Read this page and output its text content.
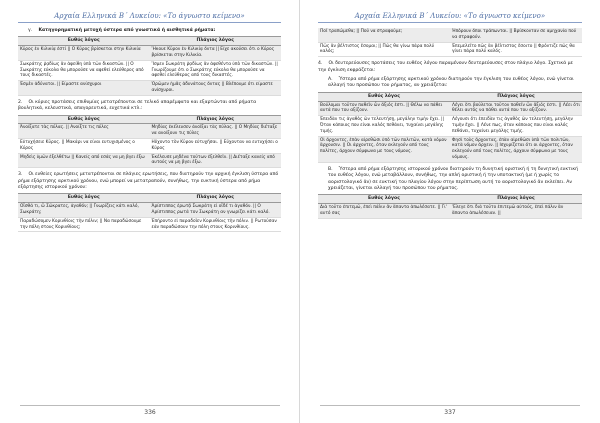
Αρχαία Ελληνικά Β΄ Λυκείου: «Το άγνωστο κείμενο»
γ. Κατηγορηματική μετοχή ύστερα από γνωστικά ή αισθητικά ρήματα:
Ευθύς λόγος	Πλάγιος λόγος
Κῦρος ἐν Κιλικίᾳ ἐστί || Ο Κύρος βρίσκεται στην Κιλικία	Ἤκουε Κῦρον ἐν Κιλικίᾳ ὄντα || Είχε ακούσει ότι ο Κύρος βρίσκεται στην Κιλικία.
Σωκράτης ῥᾳδίως ἂν ἀφείθη ὑπὸ τῶν δικαστῶν. || Ο Σωκράτης εύκολα θα μπορούσε να αφεθεί ελεύθερος από τους δικαστές.	Ἴσμεν Σωκράτη ῥᾳδίως ἂν ἀφεθέντα ὑπὸ τῶν δικαστῶν. || Γνωρίζουμε ότι ο Σωκράτης εύκολα θα μπορούσε να αφεθεί ελεύθερος από τους δικαστές.
Ἐσμὲν ἀδύνατοι. || Είμαστε ανίσχυροι	Ὁρῶμεν ἡμᾶς ἀδυνάτους ὄντας || Βλέπουμε ότι είμαστε ανίσχυροι.
2. Οι κύριες προτάσεις επιθυμίας μετατρέπονται σε τελικό απαρέμφατο και εξαρτώνται από ρήματα βουλητικά, κελευστικά, απαγορευτικά, ευχετικά κτλ.:
Ευθύς λόγος	Πλάγιος λόγος
Ἀνοίξατε τὰς πύλας. || Ανοίξτε τις πύλες	Μηδίας ἐκέλευσεν ἀνοῖξαι τὰς πύλας. || Ο Μηδίας διέταξε να ανοίξουν τις πύλες
Εὐτυχήσειε Κῦρος. || Μακάρι να είναι ευτυχισμένος ο Κύρος	Ηὔχοντο τὸν Κῦρον εὐτυχῆσαι. || Εύχονταν να ευτυχήσει ο Κύρος
Μηδεὶς ὑμῶν ἐξελθέτω || Κανείς από εσάς να μη βγει έξω	Ἐκέλευσε μηδένα τούτων ἐξελθεῖν. || Διέταξε κανείς από αυτούς να μη βγει έξω.
3. Οι ευθείες ερωτήσεις μετατρέπονται σε πλάγιες ερωτήσεις, που διατηρούν την αρχική έγκλιση ύστερα από ρήμα εξάρτησης αρκτικού χρόνου, ενώ μπορεί να μετατραπούν, συνήθως, την ευκτική ύστερα από ρήμα εξάρτησης ιστορικού χρόνου:
Ευθύς λόγος	Πλάγιος λόγος
Οἶσθά τι, ὦ Σώκρατες, ἀγαθόν; || Γνωρίζεις κάτι καλό, Σωκράτη;	Ἀρίστιππος ἐρωτᾷ Σωκράτη εἰ οἶδέ τι ἀγαθόν. || Ο Αρίστιππος ρωτά τον Σωκράτη αν γνωρίζει κάτι καλό.
Παραδώσομεν Κορινθίοις τὴν πόλιν; || Να παραδώσουμε την πόλη στους Κορινθίους;	Ἐπήροντο εἰ παραδοῖεν Κορινθίοις τὴν πόλιν. || Ρωτούσαν εάν παραδώσουν την πόλη στους Κορινθίους.
336
Αρχαία Ελληνικά Β΄ Λυκείου: «Το άγνωστο κείμενο»
Ποῖ τραπώμεθα; || Πού να στραφούμε;	Ἠπόρουν ὅποι τράπωνται. || Βρίσκονταν σε αμηχανία πού να στραφούν.
Πῶς ἂν βέλτιστος ἔσομαι; || Πώς θα γίνω πάρα πολύ καλός;	Ἐπεμελεῖτο πῶς ἂν βέλτιστος ἔσοιτο || Φρόντιζε πώς θα γίνει πάρα πολύ καλός.
4. Οι δευτερεύουσες προτάσεις του ευθέος λόγου παραμένουν δευτερεύουσες στον πλάγιο λόγο. Σχετικά με την έγκλιση εκφράζεται:
Α. Ύστερα από ρήμα εξάρτησης αρκτικού χρόνου διατηρούν την έγκλιση του ευθέος λόγου, ενώ γίνεται αλλαγή του προσώπου του ρήματος, αν χρειάζεται:
Ευθύς λόγος	Πλάγιος λόγος
Βούλομαι τοῦτον παθεῖν ὧν ἄξιός ἐστι. || Θέλω να πάθει αυτά που του αξίζουν.	Λέγει ὅτι βούλεται τοῦτον παθεῖν ὧν ἄξιός ἐστι. || Λέει ότι θέλει αυτός να πάθει αυτά που του αξίζουν.
Ἐπειδὰν τις ἀγαθὸς ὢν τελευτήσῃ, μεγάλην τιμὴν ἔχει. || Όταν κάποιος που είναι καλός πεθάνει, τυχαίνει μεγάλης τιμής.	Λέγουσι ὅτι ἐπειδὰν τις ἀγαθὸς ὢν τελευτήσῃ, μεγάλην τιμὴν ἔχει. || Λένε πως, όταν κάποιος που είναι καλός πεθάνει, τυχαίνει μεγάλης τιμής.
Οἱ ἄρχοντες, ἐπὰν αἱρεθῶσι ὑπὸ τῶν πολιτῶν, κατὰ νόμον ἄρχουσιν. || Οι άρχοντες, όταν εκλεγούν από τους πολίτες, άρχουν σύμφωνα με τους νόμους.	Φησὶ τοὺς ἄρχοντας, ἐπὰν αἱρεθῶσι ὑπὸ τῶν πολιτῶν, κατὰ νόμον ἄρχειν. || Ισχυρίζεται ότι οι άρχοντες, όταν εκλεγούν από τους πολίτες, άρχουν σύμφωνα με τους νόμους.
Β. Ύστερα από ρήμα εξάρτησης ιστορικού χρόνου διατηρούν τη δυνητική οριστική ή τη δυνητική ευκτική του ευθέος λόγου, ενώ μεταβάλλουν, συνήθως, την απλή οριστική ή την υποτακτική (με ή χωρίς το αοριστολογικό ἄν) σε ευκτική του πλαγίου λόγου στην περίπτωση αυτή το αοριστολογικό ἄν εκλείπει. Αν χρειάζεται, γίνεται αλλαγή του προσώπου του ρήματος.
Ευθύς λόγος	Πλάγιος λόγος
Διὰ τοῦτο ἐπιτεμῶ, ἐπεὶ πάλιν ἂν ἅπαντα ἀπωλέσατε. || Γι' αυτό σας	Ἔλεγε ὅτι διὰ τοῦτο ἐπιτεμῶ αὐτούς, ἐπεὶ πάλιν ἂν ἅπαντα ἀπωλέσειαν. ||
337
